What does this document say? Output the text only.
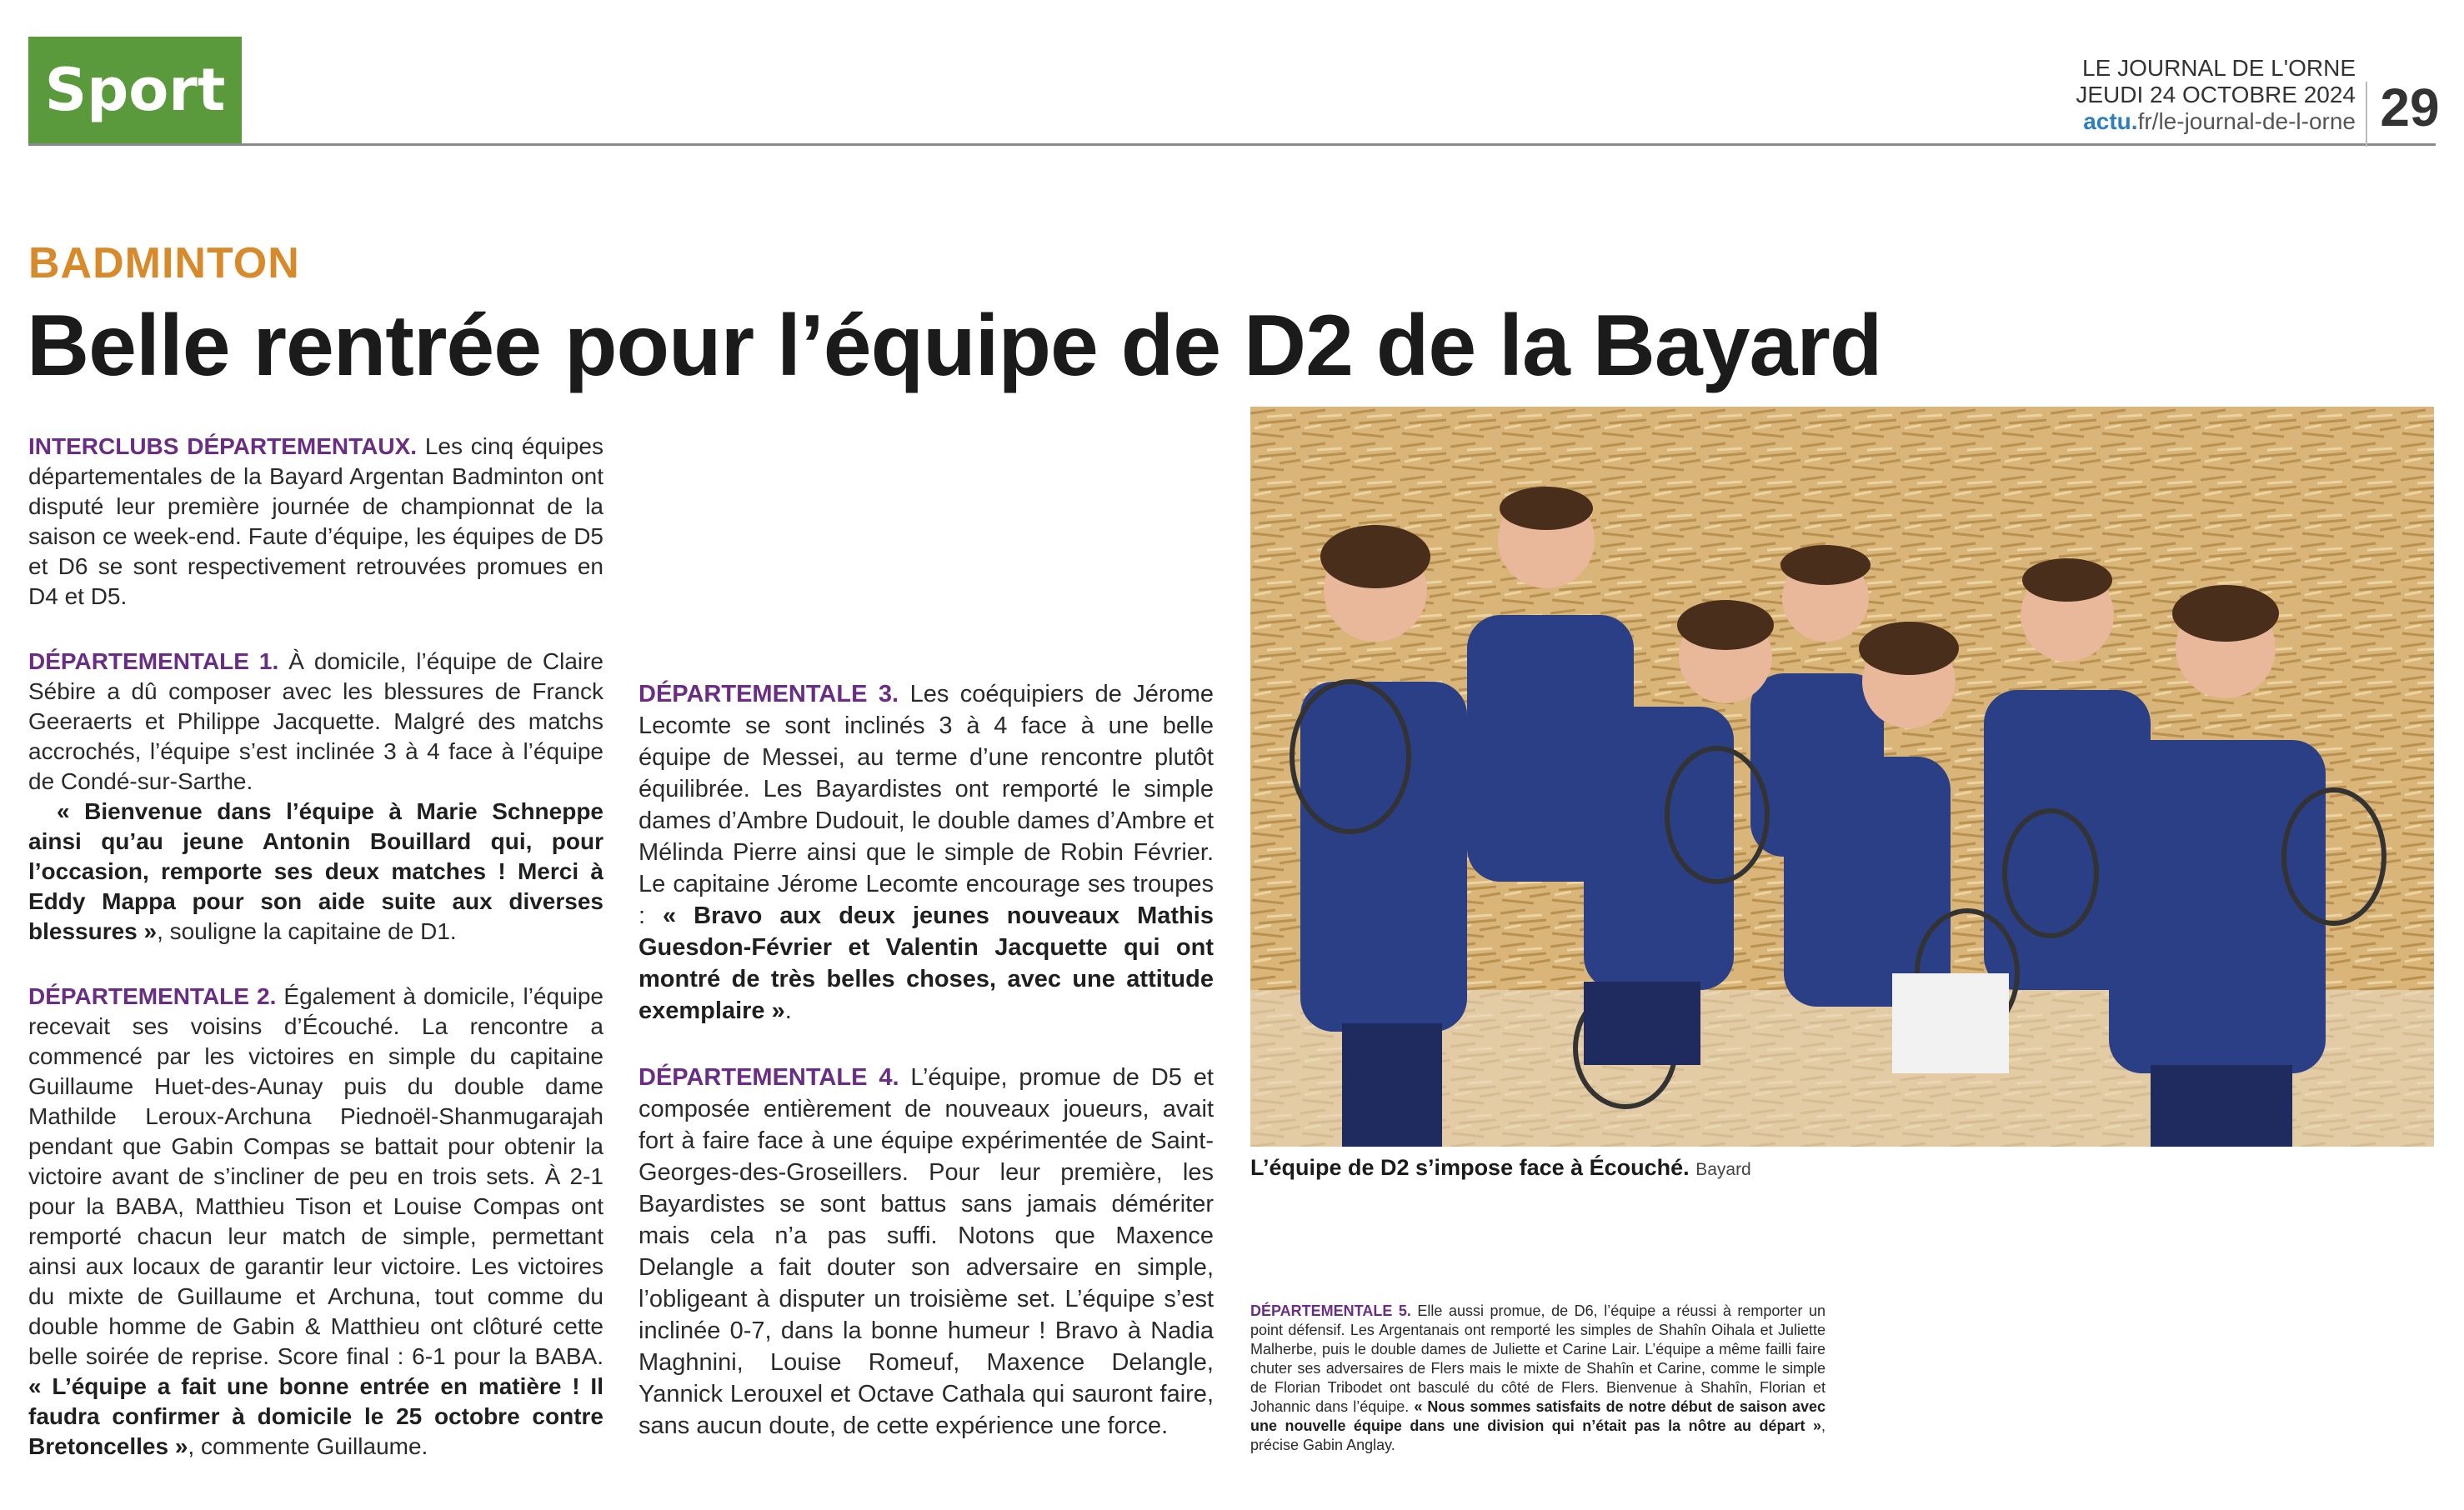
Sport	LE JOURNAL DE L'ORNE
JEUDI 24 OCTOBRE 2024
actu.fr/le-journal-de-l-orne 29
BADMINTON
Belle rentrée pour l’équipe de D2 de la Bayard

INTERCLUBS DÉPARTEMENTAUX. Les cinq équipes départementales de la Bayard Argentan Badminton ont disputé leur première journée de championnat de la saison ce week-end. Faute d’équipe, les équipes de D5 et D6 se sont respectivement retrouvées promues en D4 et D5.

DÉPARTEMENTALE 1. À domicile, l’équipe de Claire Sébire a dû composer avec les blessures de Franck Geeraerts et Philippe Jacquette. Malgré des matchs accrochés, l’équipe s’est inclinée 3 à 4 face à l’équipe de Condé-sur-Sarthe.

« Bienvenue dans l’équipe à Marie Schneppe ainsi qu’au jeune Antonin Bouillard qui, pour l’occasion, remporte ses deux matches ! Merci à Eddy Mappa pour son aide suite aux diverses blessures », souligne la capitaine de D1.

DÉPARTEMENTALE 2. Également à domicile, l’équipe recevait ses voisins d’Écouché. La rencontre a commencé par les victoires en simple du capitaine Guillaume Huet-des-Aunay puis du double dame Mathilde Leroux-Archuna Piednoël-Shanmugarajah pendant que Gabin Compas se battait pour obtenir la victoire avant de s’incliner de peu en trois sets. À 2-1 pour la BABA, Matthieu Tison et Louise Compas ont remporté chacun leur match de simple, permettant ainsi aux locaux de garantir leur victoire. Les victoires du mixte de Guillaume et Archuna, tout comme du double homme de Gabin & Matthieu ont clôturé cette belle soirée de reprise. Score final : 6-1 pour la BABA. « L’équipe a fait une bonne entrée en matière ! Il faudra confirmer à domicile le 25 octobre contre Bretoncelles », commente Guillaume.

DÉPARTEMENTALE 3. Les coéquipiers de Jérome Lecomte se sont inclinés 3 à 4 face à une belle équipe de Messei, au terme d’une rencontre plutôt équilibrée. Les Bayardistes ont remporté le simple dames d’Ambre Dudouit, le double dames d’Ambre et Mélinda Pierre ainsi que le simple de Robin Février. Le capitaine Jérome Lecomte encourage ses troupes : « Bravo aux deux jeunes nouveaux Mathis Guesdon-Février et Valentin Jacquette qui ont montré de très belles choses, avec une attitude exemplaire ».

DÉPARTEMENTALE 4. L’équipe, promue de D5 et composée entièrement de nouveaux joueurs, avait fort à faire face à une équipe expérimentée de Saint-Georges-des-Groseillers. Pour leur première, les Bayardistes se sont battus sans jamais démériter mais cela n’a pas suffi. Notons que Maxence Delangle a fait douter son adversaire en simple, l’obligeant à disputer un troisième set. L’équipe s’est inclinée 0-7, dans la bonne humeur ! Bravo à Nadia Maghnini, Louise Romeuf, Maxence Delangle, Yannick Lerouxel et Octave Cathala qui sauront faire, sans aucun doute, de cette expérience une force.

L’équipe de D2 s’impose face à Écouché. Bayard

DÉPARTEMENTALE 5. Elle aussi promue, de D6, l’équipe a réussi à remporter un point défensif. Les Argentanais ont remporté les simples de Shahîn Oihala et Juliette Malherbe, puis le double dames de Juliette et Carine Lair. L’équipe a même failli faire chuter ses adversaires de Flers mais le mixte de Shahîn et Carine, comme le simple de Florian Tribodet ont basculé du côté de Flers. Bienvenue à Shahîn, Florian et Johannic dans l’équipe. « Nous sommes satisfaits de notre début de saison avec une nouvelle équipe dans une division qui n’était pas la nôtre au départ », précise Gabin Anglay.
